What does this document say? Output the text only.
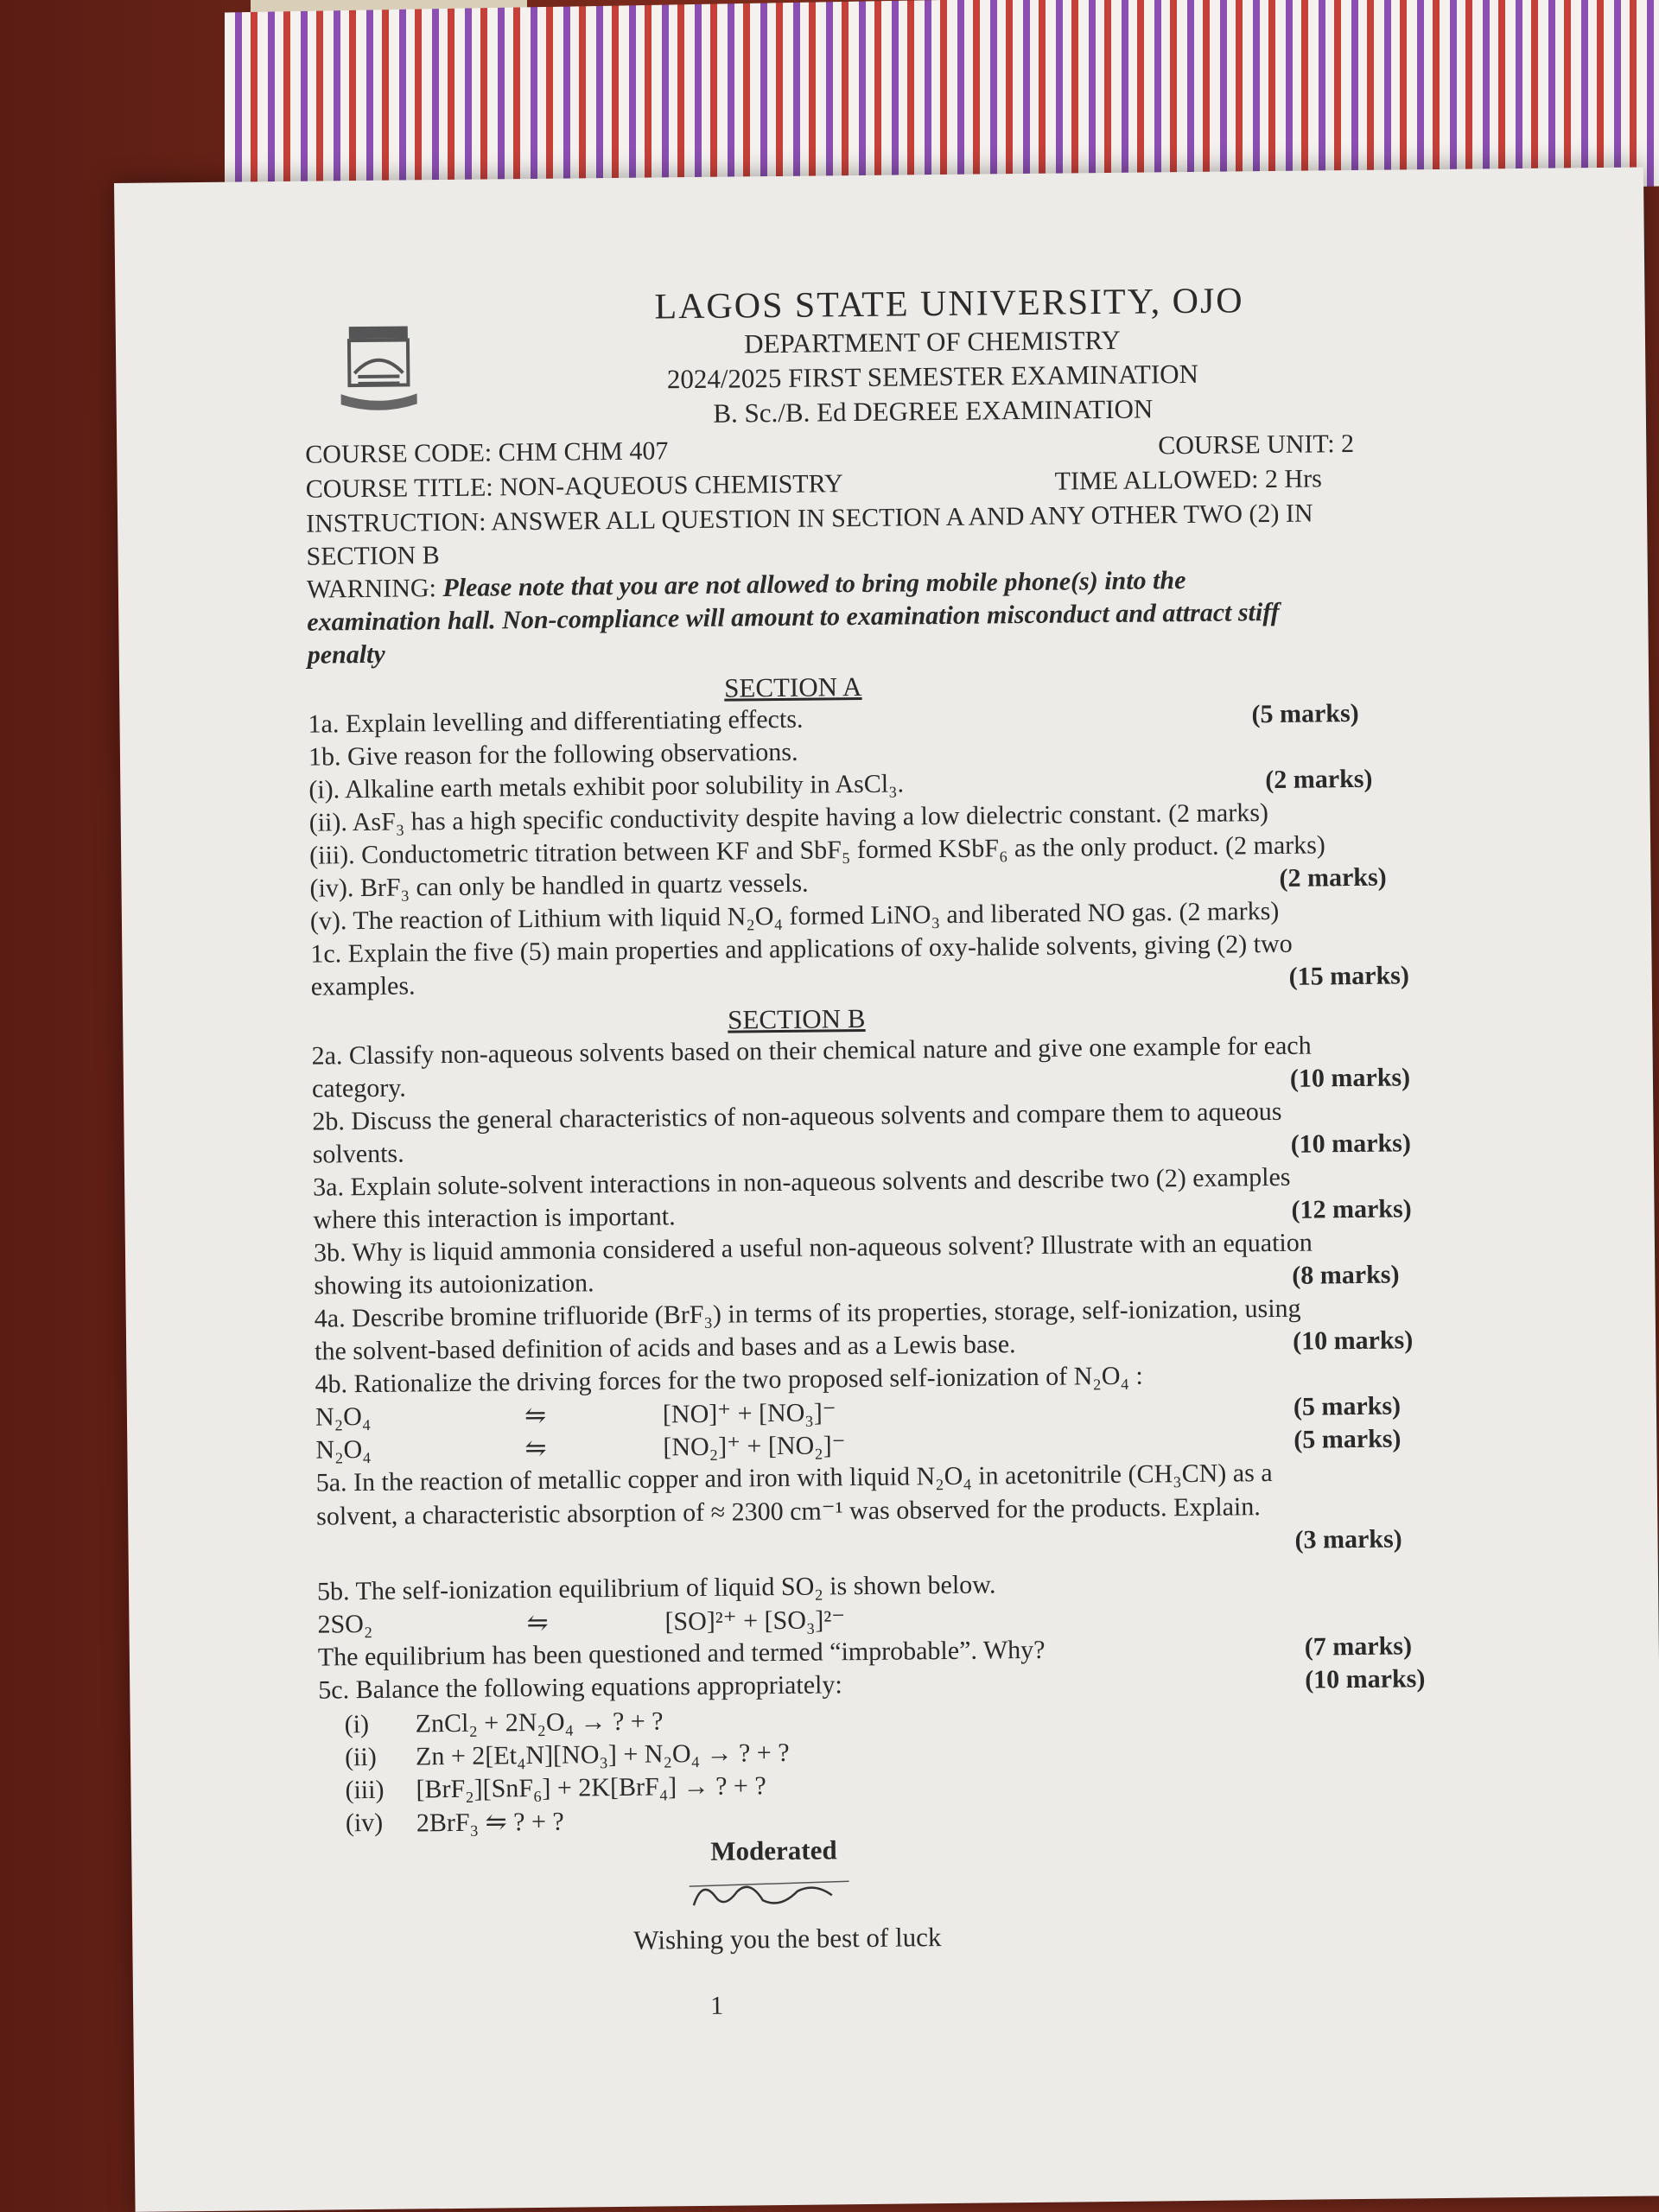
LAGOS STATE UNIVERSITY, OJO
DEPARTMENT OF CHEMISTRY
2024/2025 FIRST SEMESTER EXAMINATION
B. Sc./B. Ed DEGREE EXAMINATION
COURSE CODE: CHM CHM 407	COURSE UNIT: 2
COURSE TITLE: NON-AQUEOUS CHEMISTRY	TIME ALLOWED: 2 Hrs
INSTRUCTION: ANSWER ALL QUESTION IN SECTION A AND ANY OTHER TWO (2) IN
SECTION B
WARNING: Please note that you are not allowed to bring mobile phone(s) into the
examination hall. Non-compliance will amount to examination misconduct and attract stiff
penalty
SECTION A
1a. Explain levelling and differentiating effects.	(5 marks)
1b. Give reason for the following observations.
(i). Alkaline earth metals exhibit poor solubility in AsCl₃.	(2 marks)
(ii). AsF₃ has a high specific conductivity despite having a low dielectric constant. (2 marks)
(iii). Conductometric titration between KF and SbF₅ formed KSbF₆ as the only product. (2 marks)
(iv). BrF₃ can only be handled in quartz vessels.	(2 marks)
(v). The reaction of Lithium with liquid N₂O₄ formed LiNO₃ and liberated NO gas. (2 marks)
1c. Explain the five (5) main properties and applications of oxy-halide solvents, giving (2) two
examples.	(15 marks)
SECTION B
2a. Classify non-aqueous solvents based on their chemical nature and give one example for each
category.	(10 marks)
2b. Discuss the general characteristics of non-aqueous solvents and compare them to aqueous
solvents.	(10 marks)
3a. Explain solute-solvent interactions in non-aqueous solvents and describe two (2) examples
where this interaction is important.	(12 marks)
3b. Why is liquid ammonia considered a useful non-aqueous solvent? Illustrate with an equation
showing its autoionization.	(8 marks)
4a. Describe bromine trifluoride (BrF₃) in terms of its properties, storage, self-ionization, using
the solvent-based definition of acids and bases and as a Lewis base.	(10 marks)
4b. Rationalize the driving forces for the two proposed self-ionization of N₂O₄ :
N₂O₄	⇋	[NO]⁺ + [NO₃]⁻	(5 marks)
N₂O₄	⇋	[NO₂]⁺ + [NO₂]⁻	(5 marks)
5a. In the reaction of metallic copper and iron with liquid N₂O₄ in acetonitrile (CH₃CN) as a
solvent, a characteristic absorption of ≈ 2300 cm⁻¹ was observed for the products. Explain.
(3 marks)
5b. The self-ionization equilibrium of liquid SO₂ is shown below.
2SO₂	⇋	[SO]²⁺ + [SO₃]²⁻
The equilibrium has been questioned and termed “improbable”. Why?	(7 marks)
5c. Balance the following equations appropriately:	(10 marks)
(i) ZnCl₂ + 2N₂O₄ → ? + ?
(ii) Zn + 2[Et₄N][NO₃] + N₂O₄ → ? + ?
(iii) [BrF₂][SnF₆] + 2K[BrF₄] → ? + ?
(iv) 2BrF₃ ⇋ ? + ?
Moderated
Wishing you the best of luck
1
